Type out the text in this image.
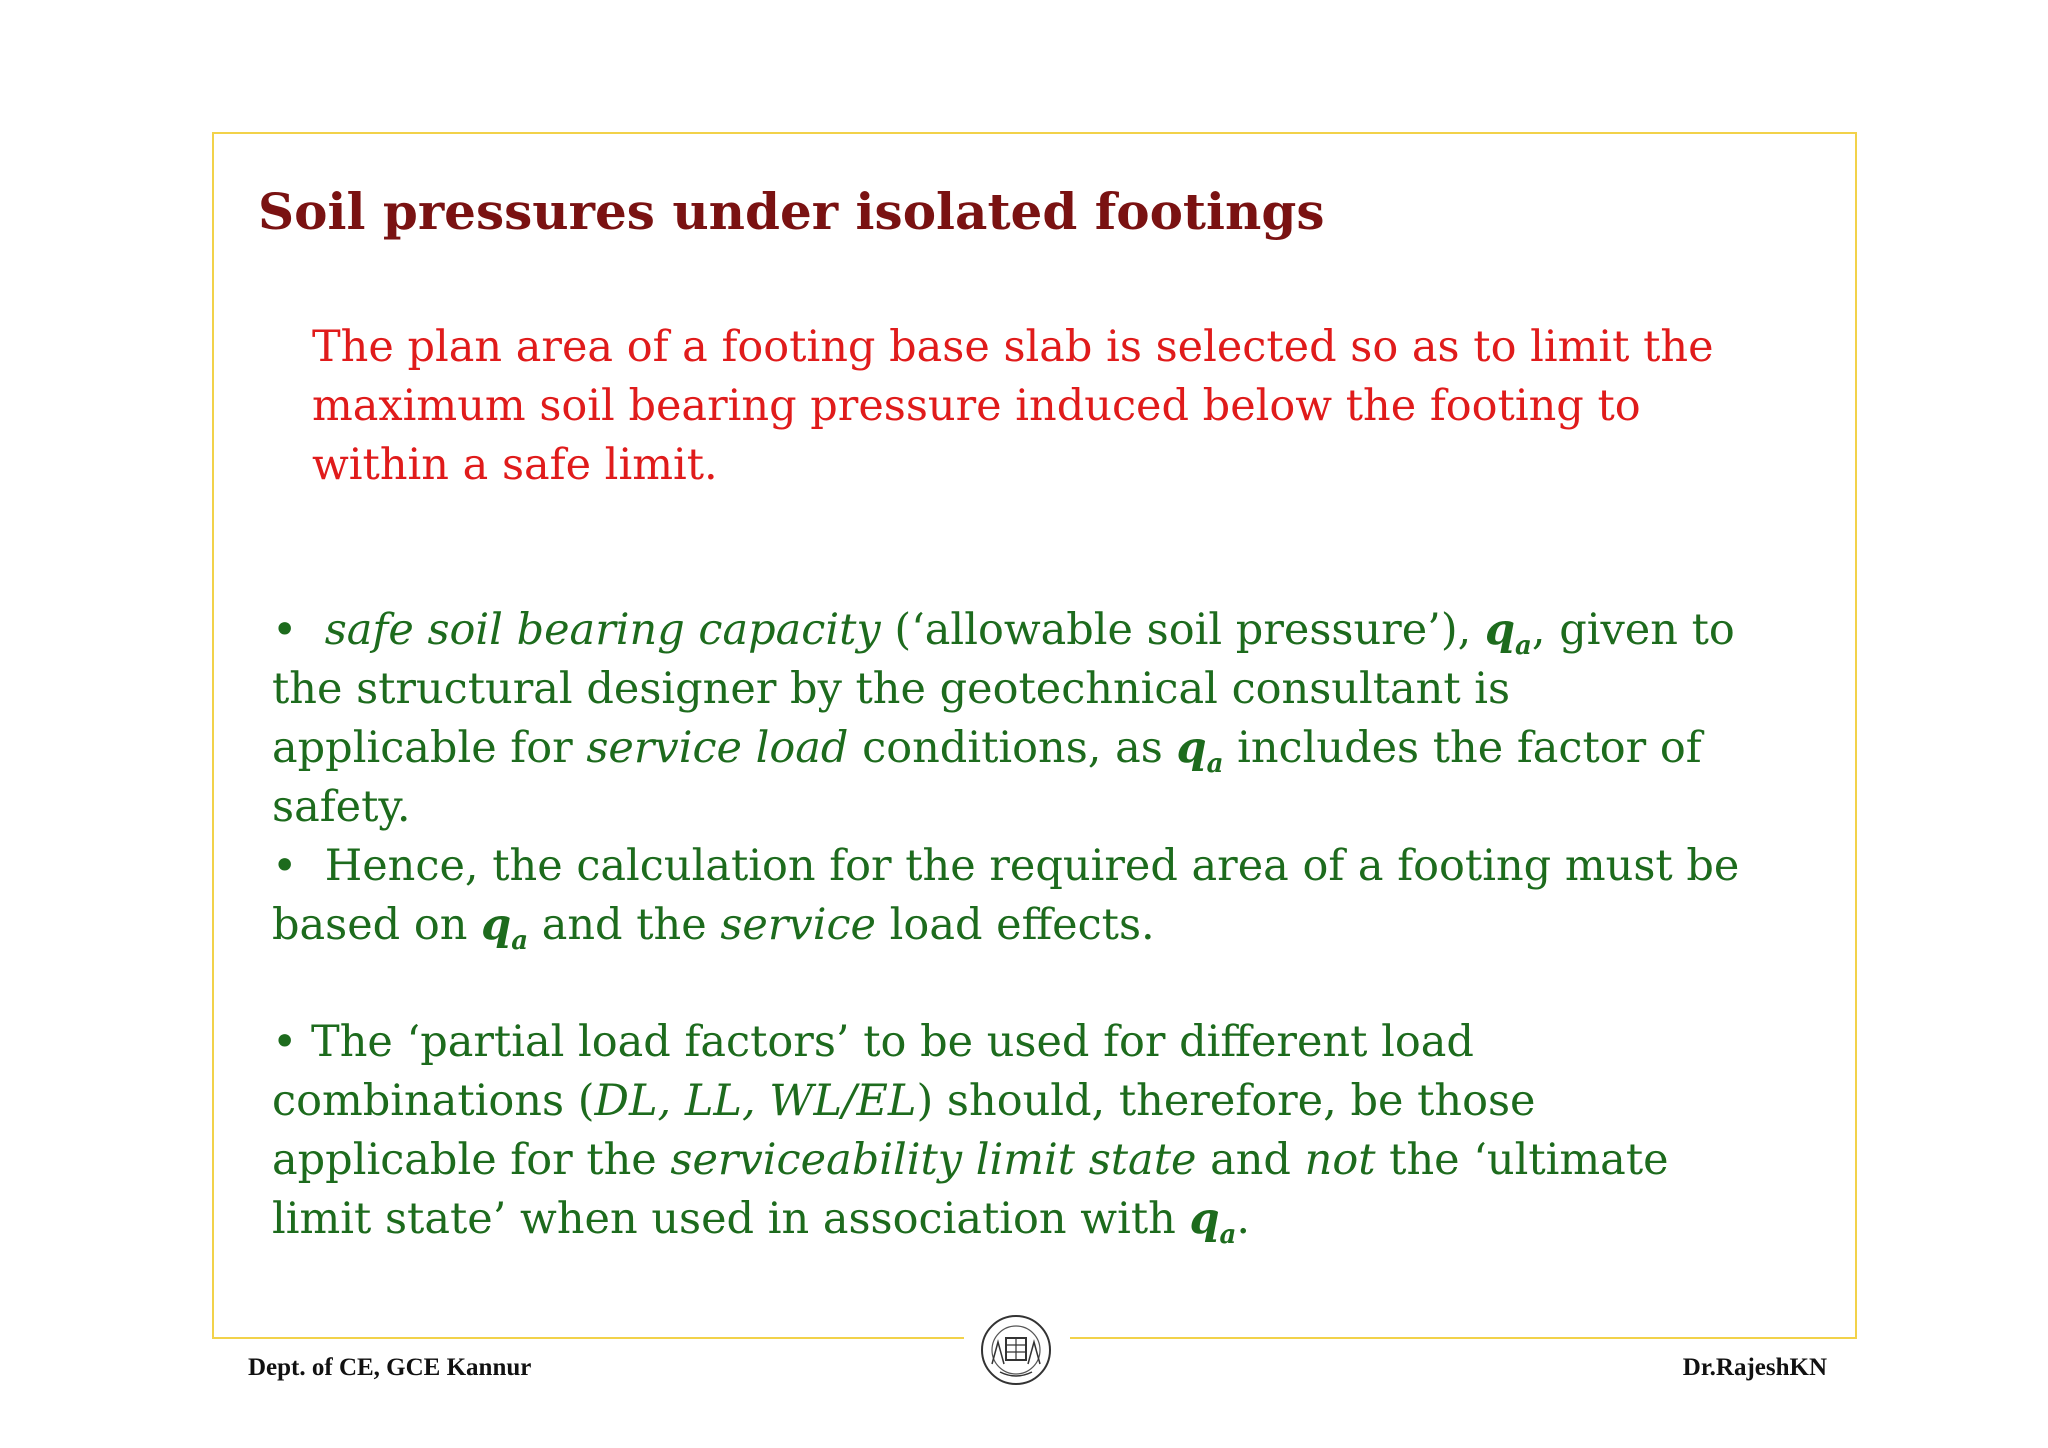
Soil pressures under isolated footings
The plan area of a footing base slab is selected so as to limit the maximum soil bearing pressure induced below the footing to within a safe limit.
• safe soil bearing capacity (‘allowable soil pressure’), $q_a$, given to the structural designer by the geotechnical consultant is applicable for service load conditions, as $q_a$ includes the factor of safety.
• Hence, the calculation for the required area of a footing must be based on $q_a$ and the service load effects.
• The ‘partial load factors’ to be used for different load combinations (DL, LL, WL/EL) should, therefore, be those applicable for the serviceability limit state and not the ‘ultimate limit state’ when used in association with $q_a$.
Dept. of CE, GCE Kannur	Dr.RajeshKN
